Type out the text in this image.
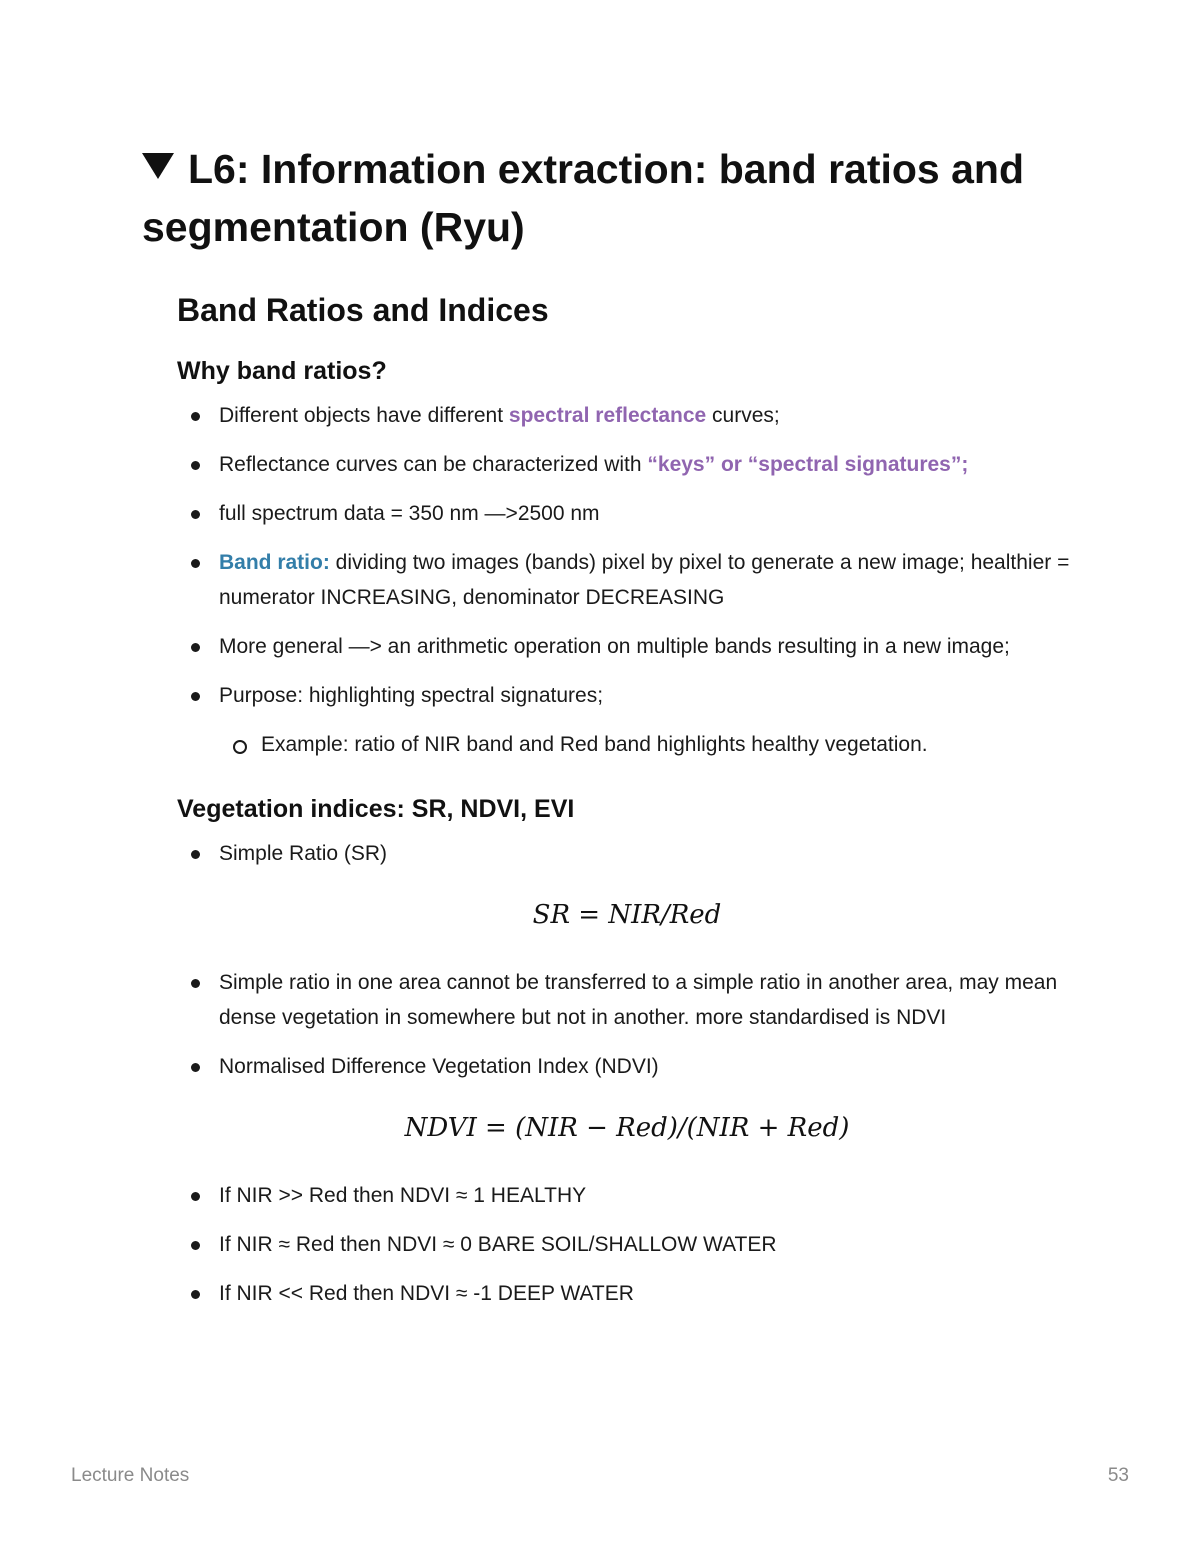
L6: Information extraction: band ratios and segmentation (Ryu)
Band Ratios and Indices
Why band ratios?
Different objects have different spectral reflectance curves;
Reflectance curves can be characterized with “keys” or “spectral signatures”;
full spectrum data = 350 nm —>2500 nm
Band ratio: dividing two images (bands) pixel by pixel to generate a new image; healthier = numerator INCREASING, denominator DECREASING
More general —> an arithmetic operation on multiple bands resulting in a new image;
Purpose: highlighting spectral signatures;
Example: ratio of NIR band and Red band highlights healthy vegetation.
Vegetation indices: SR, NDVI, EVI
Simple Ratio (SR)
SR = NIR/Red
Simple ratio in one area cannot be transferred to a simple ratio in another area, may mean dense vegetation in somewhere but not in another. more standardised is NDVI
Normalised Difference Vegetation Index (NDVI)
NDVI = (NIR − Red)/(NIR + Red)
If NIR >> Red then NDVI ≈ 1 HEALTHY
If NIR ≈ Red then NDVI ≈ 0 BARE SOIL/SHALLOW WATER
If NIR << Red then NDVI ≈ -1 DEEP WATER
Lecture Notes	53
